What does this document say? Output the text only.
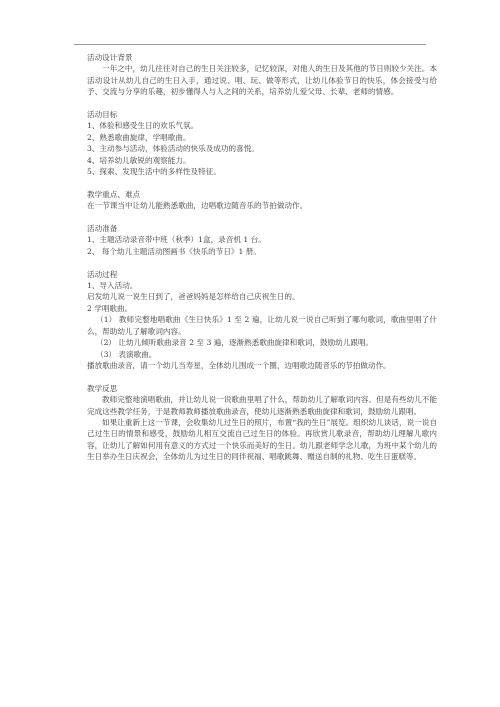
活动设计背景

一年之中，幼儿往往对自己的生日关注较多，记忆较深，对他人的生日及其他的节日则较少关注。本活动设计从幼儿自己的生日入手，通过说、唱、玩、做等形式，让幼儿体验节日的快乐，体会接受与给予、交流与分享的乐趣，初步懂得人与人之间的关系，培养幼儿爱父母、长辈、老师的情感。

活动目标

1、体验和感受生日的欢乐气氛。

2、熟悉歌曲旋律，学唱歌曲。

3、主动参与活动，体验活动的快乐及成功的喜悦。

4、培养幼儿敏锐的观察能力。

5、探索、发现生活中的多样性及特征。

教学重点、难点

在一节课当中让幼儿能熟悉歌曲，边唱歌边随音乐的节拍做动作。

活动准备

1、主题活动录音带中班（秋季）1盒，录音机 1 台。

2、 每个幼儿主题活动图画书《快乐的节日》1 册。

活动过程

1、导入活动。

启发幼儿说一说生日到了，爸爸妈妈是怎样给自己庆祝生日的。

2 学唱歌曲。

（1） 教师完整地唱歌曲《生日快乐》1 至 2 遍，让幼儿说一说自己听到了哪句歌词，歌曲里唱了什么，帮助幼儿了解歌词内容。

（2） 让幼儿倾听歌曲录音 2 至 3 遍，逐渐熟悉歌曲旋律和歌词，鼓励幼儿跟唱。

（3） 表演歌曲。

播放歌曲录音，请一个幼儿当寿星，全体幼儿围成一个圈，边唱歌边随音乐的节拍做动作。

教学反思

教师完整地演唱歌曲，并让幼儿说一说歌曲里唱了什么，帮助幼儿了解歌词内容。但是有些幼儿不能完成这些教学任务，于是教师教师播放歌曲录音，使幼儿逐渐熟悉歌曲旋律和歌词，鼓励幼儿跟唱。

如果让重新上这一节课，会收集幼儿过生日的照片，布置“我的生日”展览。组织幼儿谈话，说一说自己过生日的情景和感受，鼓励幼儿相互交流自己过生日的体验。再欣赏儿歌录音，帮助幼儿理解儿歌内容，让幼儿了解如何用有意义的方式过一个快乐而美好的生日。幼儿跟老师学念儿歌，为班中某个幼儿的生日举办生日庆祝会，全体幼儿为过生日的同伴祝福、唱歌跳舞、赠送自制的礼物、吃生日蛋糕等。
